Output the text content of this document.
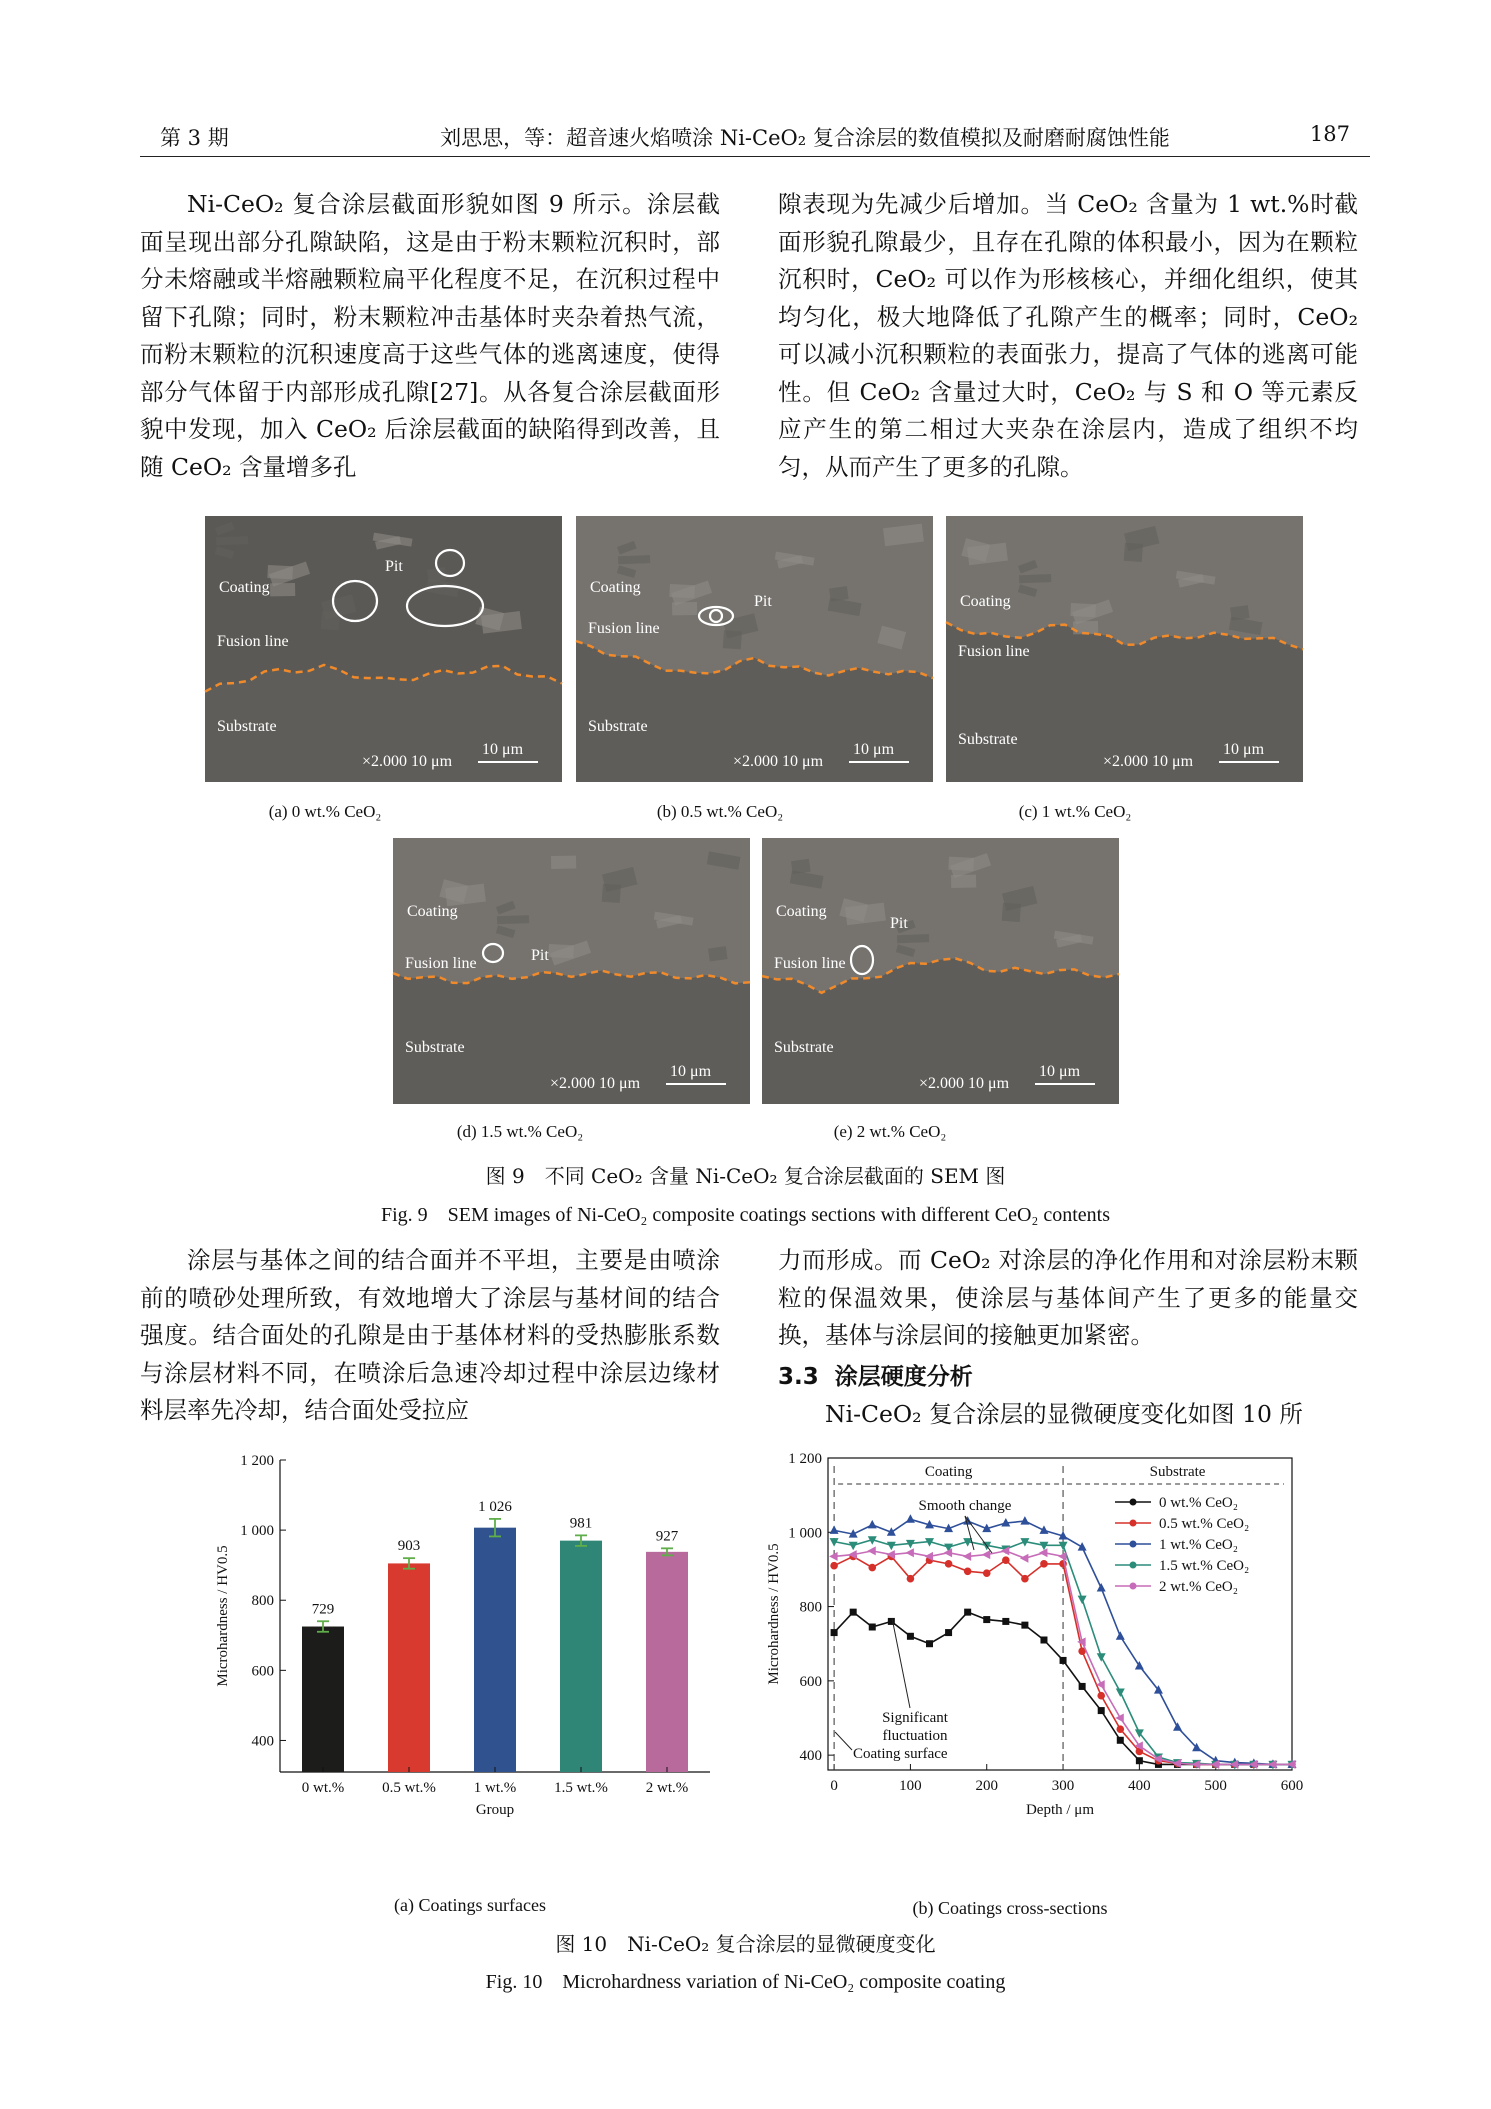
第 3 期	刘思思，等：超音速火焰喷涂 Ni-CeO₂ 复合涂层的数值模拟及耐磨耐腐蚀性能	187
Ni-CeO₂ 复合涂层截面形貌如图 9 所示。涂层截面呈现出部分孔隙缺陷，这是由于粉末颗粒沉积时，部分未熔融或半熔融颗粒扁平化程度不足，在沉积过程中留下孔隙；同时，粉末颗粒冲击基体时夹杂着热气流，而粉末颗粒的沉积速度高于这些气体的逃离速度，使得部分气体留于内部形成孔隙[27]。从各复合涂层截面形貌中发现，加入 CeO₂ 后涂层截面的缺陷得到改善，且随 CeO₂ 含量增多孔
隙表现为先减少后增加。当 CeO₂ 含量为 1 wt.%时截面形貌孔隙最少，且存在孔隙的体积最小，因为在颗粒沉积时，CeO₂ 可以作为形核核心，并细化组织，使其均匀化，极大地降低了孔隙产生的概率；同时，CeO₂ 可以减小沉积颗粒的表面张力，提高了气体的逃离可能性。但 CeO₂ 含量过大时，CeO₂ 与 S 和 O 等元素反应产生的第二相过大夹杂在涂层内，造成了组织不均匀，从而产生了更多的孔隙。
Coating
Fusion line
Substrate
Pit
×2.000 10 μm
10 μm
Coating
Fusion line
Substrate
Pit
×2.000 10 μm
10 μm
Coating
Fusion line
Substrate
×2.000 10 μm
10 μm
Coating
Fusion line
Substrate
Pit
×2.000 10 μm
10 μm
Coating
Fusion line
Substrate
Pit
×2.000 10 μm
10 μm
(a) 0 wt.% CeO₂	(b) 0.5 wt.% CeO₂	(c) 1 wt.% CeO₂
(d) 1.5 wt.% CeO₂	(e) 2 wt.% CeO₂
图 9　不同 CeO₂ 含量 Ni-CeO₂ 复合涂层截面的 SEM 图
Fig. 9　SEM images of Ni-CeO₂ composite coatings sections with different CeO₂ contents
涂层与基体之间的结合面并不平坦，主要是由喷涂前的喷砂处理所致，有效地增大了涂层与基材间的结合强度。结合面处的孔隙是由于基体材料的受热膨胀系数与涂层材料不同，在喷涂后急速冷却过程中涂层边缘材料层率先冷却，结合面处受拉应
力而形成。而 CeO₂ 对涂层的净化作用和对涂层粉末颗粒的保温效果，使涂层与基体间产生了更多的能量交换，基体与涂层间的接触更加紧密。
3.3 涂层硬度分析
Ni-CeO₂ 复合涂层的显微硬度变化如图 10 所
400
600
800
1 000
1 200
729
0 wt.%
903
0.5 wt.%
1 026
1 wt.%
981
1.5 wt.%
927
2 wt.%
Group
Microhardness / HV0.5
400
600
800
1 000
1 200
0	100	200	300	400	500	600
Depth / μm
Microhardness / HV0.5
Coating	Substrate
0 wt.% CeO₂
0.5 wt.% CeO₂
1 wt.% CeO₂
1.5 wt.% CeO₂
2 wt.% CeO₂
Smooth change
Significant
fluctuation
Coating surface
(a) Coatings surfaces	(b) Coatings cross-sections
图 10　Ni-CeO₂ 复合涂层的显微硬度变化
Fig. 10　Microhardness variation of Ni-CeO₂ composite coating
